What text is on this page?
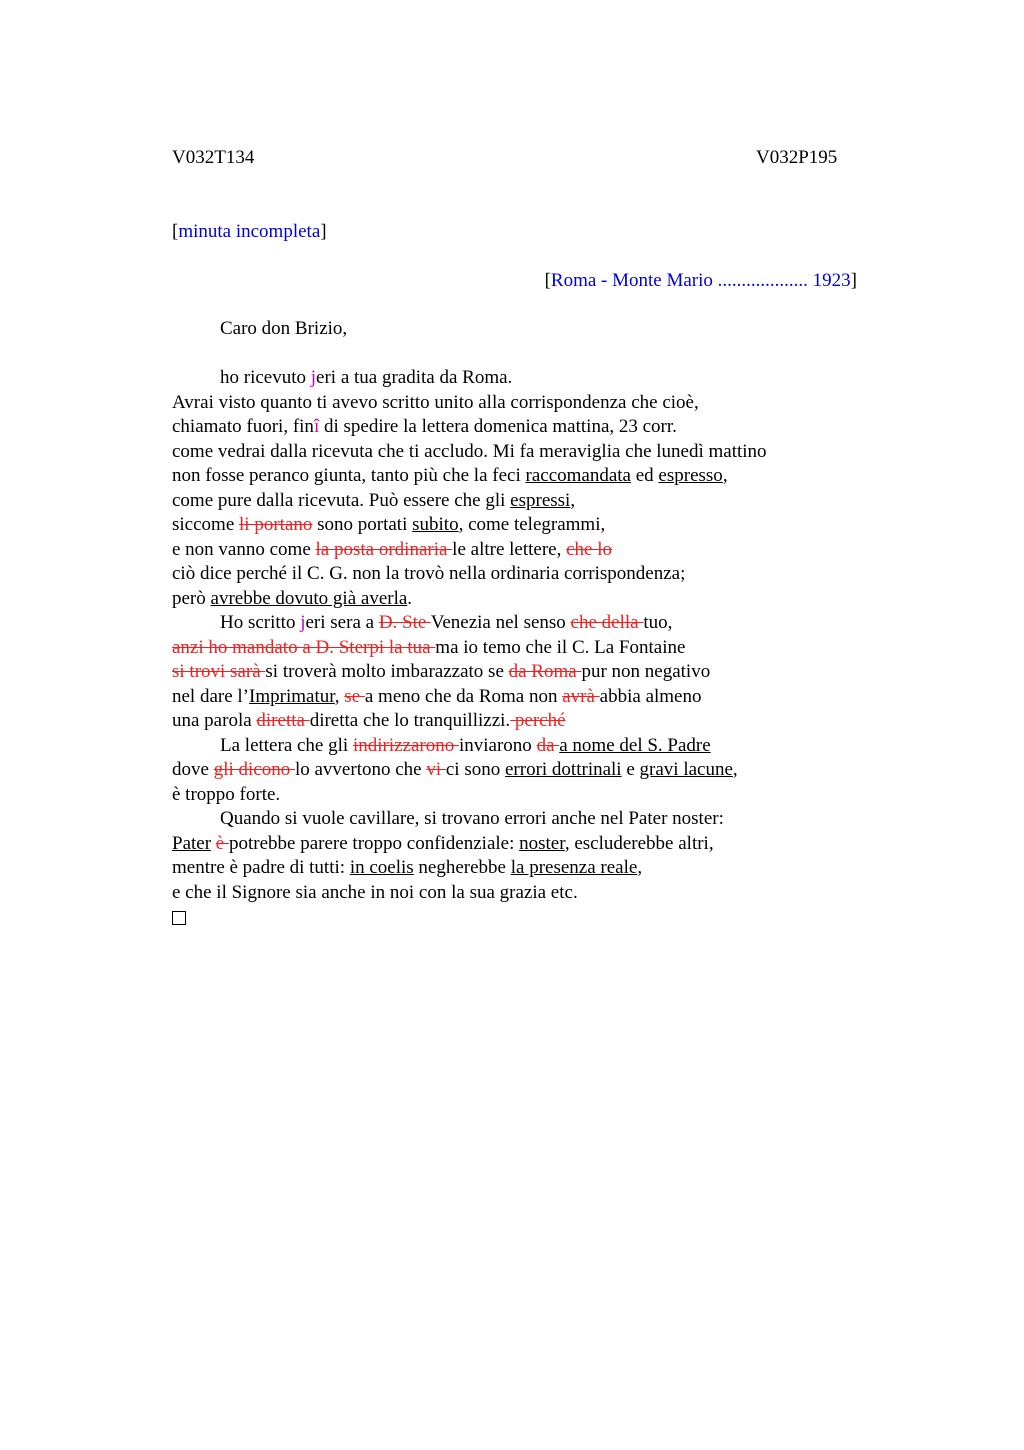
V032T134	V032P195
[minuta incompleta]
[Roma - Monte Mario ................... 1923]
Caro don Brizio,
ho ricevuto jeri a tua gradita da Roma.
Avrai visto quanto ti avevo scritto unito alla corrispondenza che cioè,
chiamato fuori, finî di spedire la lettera domenica mattina, 23 corr.
come vedrai dalla ricevuta che ti accludo. Mi fa meraviglia che lunedì mattino
non fosse peranco giunta, tanto più che la feci raccomandata ed espresso,
come pure dalla ricevuta. Può essere che gli espressi,
siccome li portano sono portati subito, come telegrammi,
e non vanno come la posta ordinaria le altre lettere, che lo
ciò dice perché il C. G. non la trovò nella ordinaria corrispondenza;
però avrebbe dovuto già averla.
Ho scritto jeri sera a D. Ste Venezia nel senso che della tuo,
anzi ho mandato a D. Sterpi la tua ma io temo che il C. La Fontaine
si trovi sarà si troverà molto imbarazzato se da Roma pur non negativo
nel dare l’Imprimatur, se a meno che da Roma non avrà abbia almeno
una parola diretta diretta che lo tranquillizzi. perché
La lettera che gli indirizzarono inviarono da a nome del S. Padre
dove gli dicono lo avvertono che vi ci sono errori dottrinali e gravi lacune,
è troppo forte.
Quando si vuole cavillare, si trovano errori anche nel Pater noster:
Pater è potrebbe parere troppo confidenziale: noster, escluderebbe altri,
mentre è padre di tutti: in coelis negherebbe la presenza reale,
e che il Signore sia anche in noi con la sua grazia etc.
